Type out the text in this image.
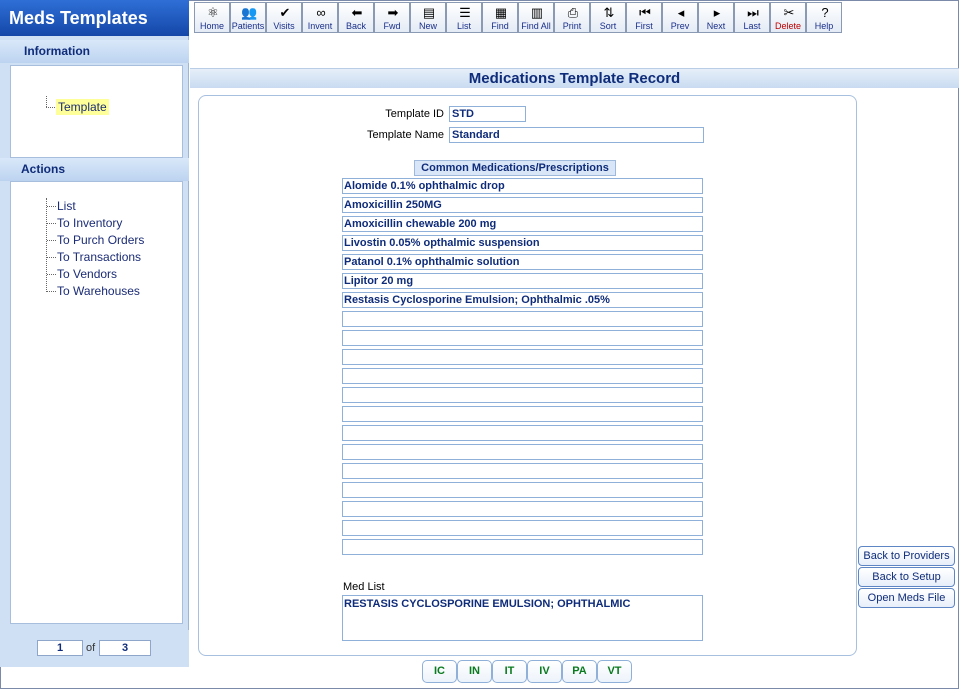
Meds Templates
Information
Template
Actions
List
To Inventory
To Purch Orders
To Transactions
To Vendors
To Warehouses
1	of	3
⚛
Home
👥
Patients
✔
Visits
∞
Invent
⬅
Back
➡
Fwd
▤
New
☰
List
▦
Find
▥
Find All
⎙
Print
⇅
Sort
⏮
First
◂
Prev
▸
Next
⏭
Last
✂
Delete
?
Help
Medications Template Record
Template ID STD
Template Name Standard
Common Medications/Prescriptions
Alomide 0.1% ophthalmic drop
Amoxicillin 250MG
Amoxicillin chewable 200 mg
Livostin 0.05% opthalmic suspension
Patanol 0.1% ophthalmic solution
Lipitor 20 mg
Restasis Cyclosporine Emulsion; Ophthalmic .05%
Med List
RESTASIS CYCLOSPORINE EMULSION; OPHTHALMIC
Back to Providers
Back to Setup
Open Meds File
IC	IN	IT	IV	PA	VT
